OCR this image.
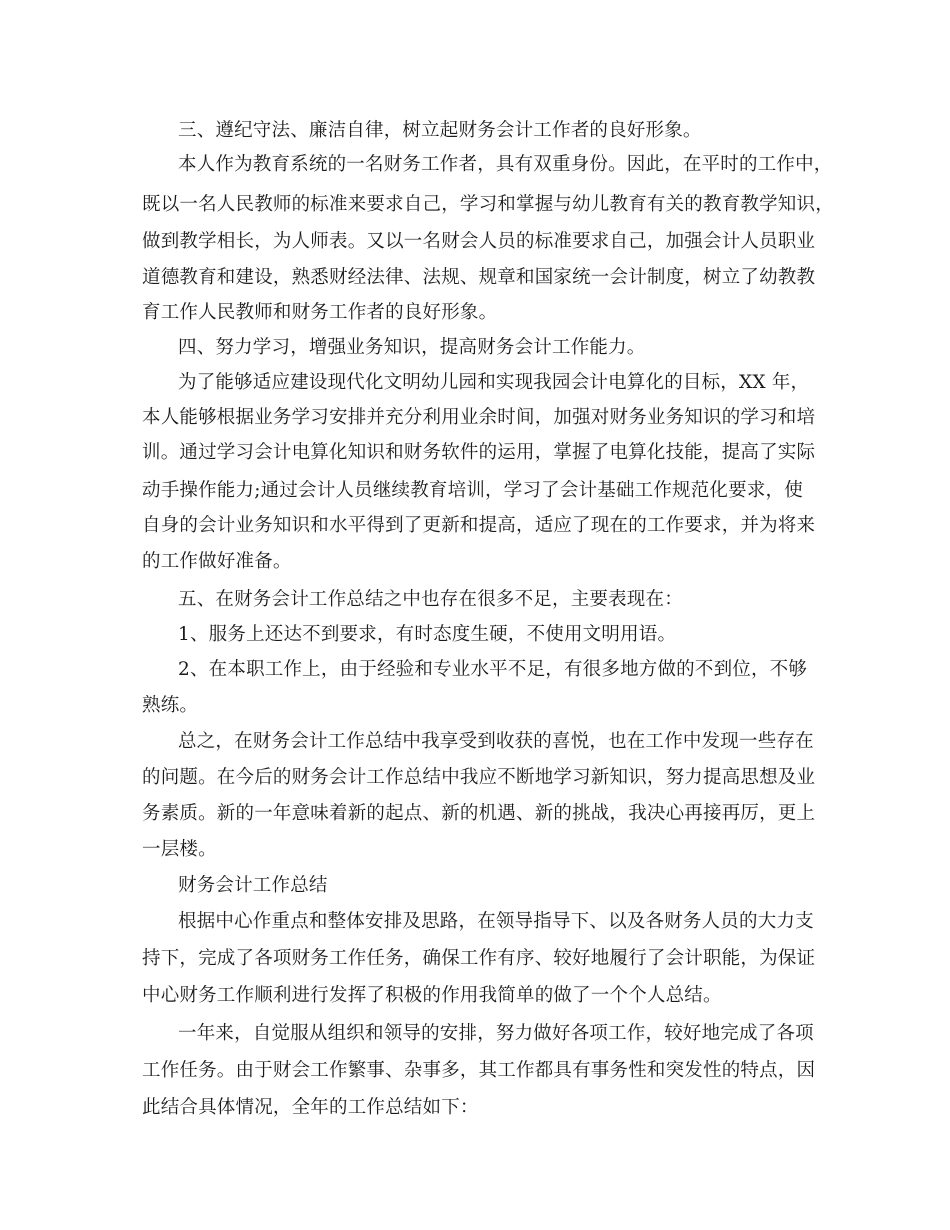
三、遵纪守法、廉洁自律，树立起财务会计工作者的良好形象。
本人作为教育系统的一名财务工作者，具有双重身份。因此，在平时的工作中，
既以一名人民教师的标准来要求自己，学习和掌握与幼儿教育有关的教育教学知识，
做到教学相长，为人师表。又以一名财会人员的标准要求自己，加强会计人员职业
道德教育和建设，熟悉财经法律、法规、规章和国家统一会计制度，树立了幼教教
育工作人民教师和财务工作者的良好形象。
四、努力学习，增强业务知识，提高财务会计工作能力。
为了能够适应建设现代化文明幼儿园和实现我园会计电算化的目标，XX 年，
本人能够根据业务学习安排并充分利用业余时间，加强对财务业务知识的学习和培
训。通过学习会计电算化知识和财务软件的运用，掌握了电算化技能，提高了实际
动手操作能力;通过会计人员继续教育培训，学习了会计基础工作规范化要求，使
自身的会计业务知识和水平得到了更新和提高，适应了现在的工作要求，并为将来
的工作做好准备。
五、在财务会计工作总结之中也存在很多不足，主要表现在：
1、服务上还达不到要求，有时态度生硬，不使用文明用语。
2、在本职工作上，由于经验和专业水平不足，有很多地方做的不到位，不够
熟练。
总之，在财务会计工作总结中我享受到收获的喜悦，也在工作中发现一些存在
的问题。在今后的财务会计工作总结中我应不断地学习新知识，努力提高思想及业
务素质。新的一年意味着新的起点、新的机遇、新的挑战，我决心再接再厉，更上
一层楼。
财务会计工作总结
根据中心作重点和整体安排及思路，在领导指导下、以及各财务人员的大力支
持下，完成了各项财务工作任务，确保工作有序、较好地履行了会计职能，为保证
中心财务工作顺利进行发挥了积极的作用我简单的做了一个个人总结。
一年来，自觉服从组织和领导的安排，努力做好各项工作，较好地完成了各项
工作任务。由于财会工作繁事、杂事多，其工作都具有事务性和突发性的特点，因
此结合具体情况，全年的工作总结如下：
